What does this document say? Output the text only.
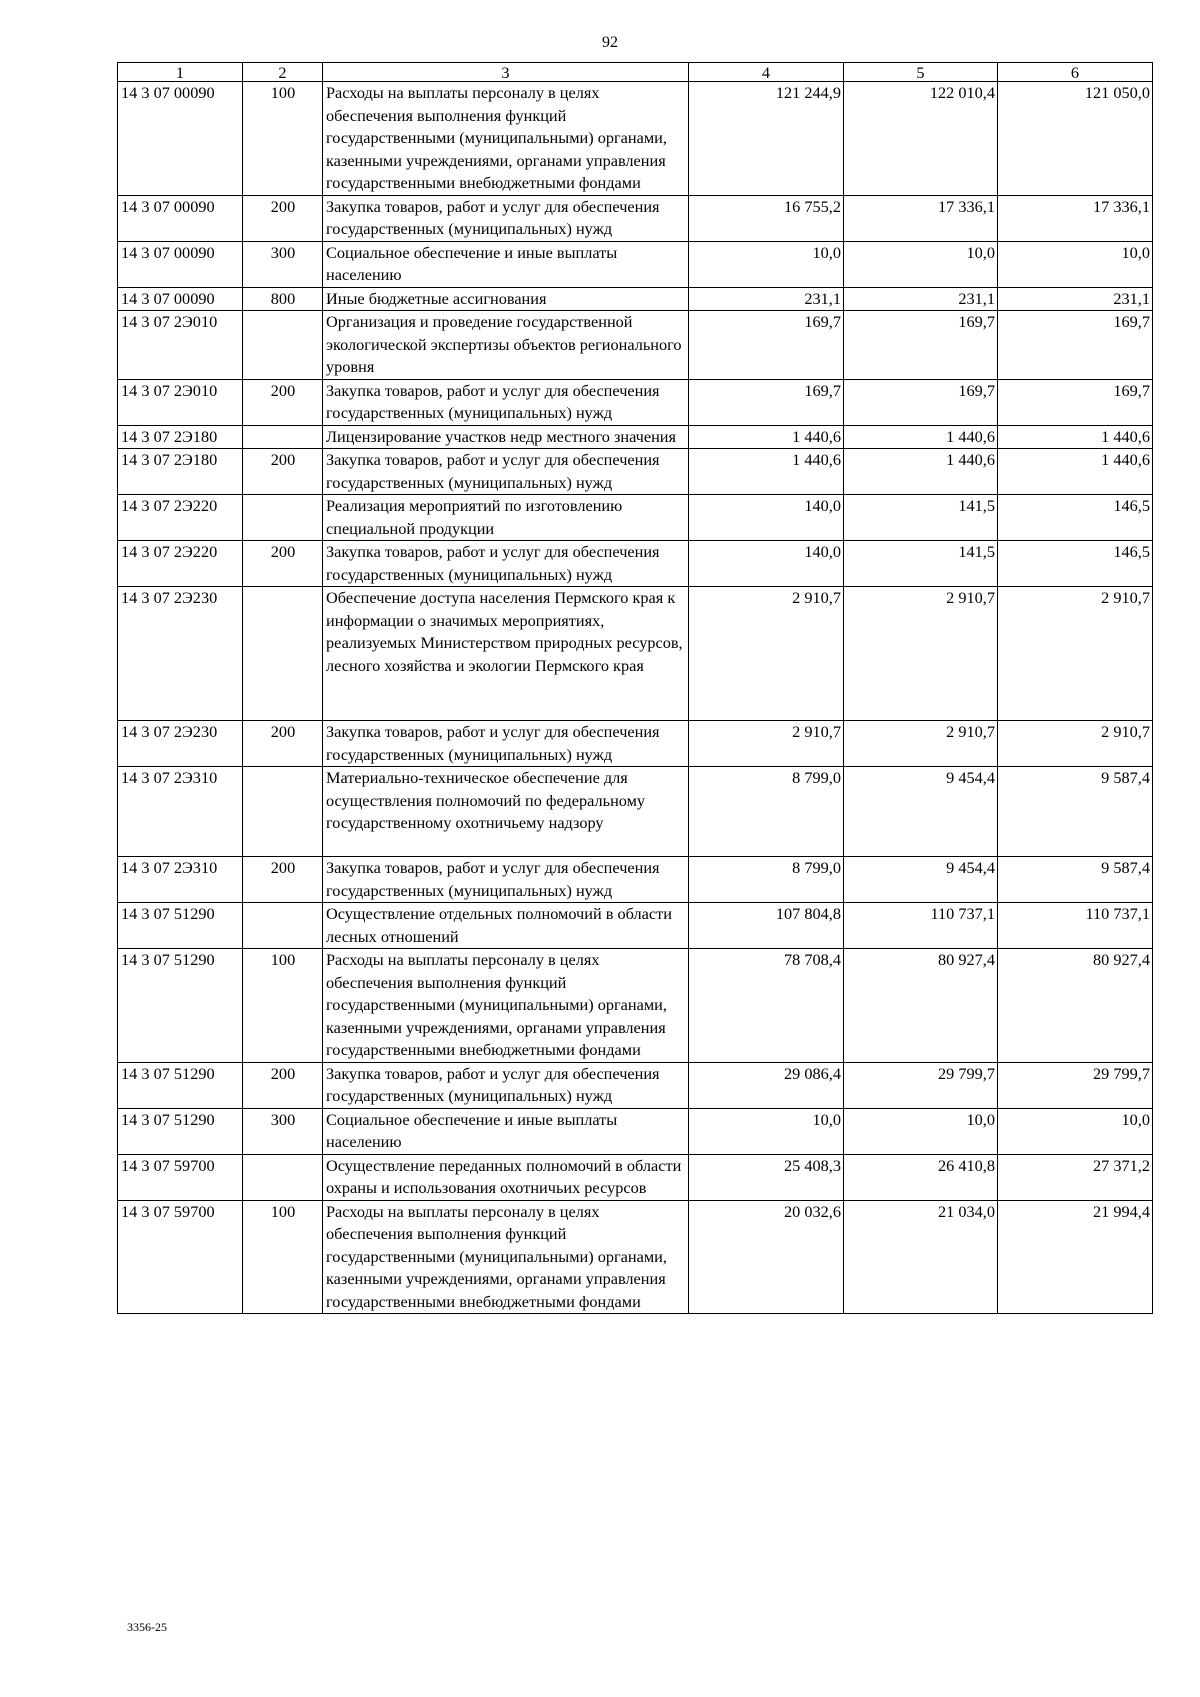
92
1	2	3	4	5	6
14 3 07 00090	100	Расходы на выплаты персоналу в целях обеспечения выполнения функций государственными (муниципальными) органами, казенными учреждениями, органами управления государственными внебюджетными фондами	121 244,9	122 010,4	121 050,0
14 3 07 00090	200	Закупка товаров, работ и услуг для обеспечения государственных (муниципальных) нужд	16 755,2	17 336,1	17 336,1
14 3 07 00090	300	Социальное обеспечение и иные выплаты населению	10,0	10,0	10,0
14 3 07 00090	800	Иные бюджетные ассигнования	231,1	231,1	231,1
14 3 07 2Э010		Организация и проведение государственной экологической экспертизы объектов регионального уровня	169,7	169,7	169,7
14 3 07 2Э010	200	Закупка товаров, работ и услуг для обеспечения государственных (муниципальных) нужд	169,7	169,7	169,7
14 3 07 2Э180		Лицензирование участков недр местного значения	1 440,6	1 440,6	1 440,6
14 3 07 2Э180	200	Закупка товаров, работ и услуг для обеспечения государственных (муниципальных) нужд	1 440,6	1 440,6	1 440,6
14 3 07 2Э220		Реализация мероприятий по изготовлению специальной продукции	140,0	141,5	146,5
14 3 07 2Э220	200	Закупка товаров, работ и услуг для обеспечения государственных (муниципальных) нужд	140,0	141,5	146,5
14 3 07 2Э230		Обеспечение доступа населения Пермского края к информации о значимых мероприятиях, реализуемых Министерством природных ресурсов, лесного хозяйства и экологии Пермского края	2 910,7	2 910,7	2 910,7
14 3 07 2Э230	200	Закупка товаров, работ и услуг для обеспечения государственных (муниципальных) нужд	2 910,7	2 910,7	2 910,7
14 3 07 2Э310		Материально-техническое обеспечение для осуществления полномочий по федеральному государственному охотничьему надзору	8 799,0	9 454,4	9 587,4
14 3 07 2Э310	200	Закупка товаров, работ и услуг для обеспечения государственных (муниципальных) нужд	8 799,0	9 454,4	9 587,4
14 3 07 51290		Осуществление отдельных полномочий в области лесных отношений	107 804,8	110 737,1	110 737,1
14 3 07 51290	100	Расходы на выплаты персоналу в целях обеспечения выполнения функций государственными (муниципальными) органами, казенными учреждениями, органами управления государственными внебюджетными фондами	78 708,4	80 927,4	80 927,4
14 3 07 51290	200	Закупка товаров, работ и услуг для обеспечения государственных (муниципальных) нужд	29 086,4	29 799,7	29 799,7
14 3 07 51290	300	Социальное обеспечение и иные выплаты населению	10,0	10,0	10,0
14 3 07 59700		Осуществление переданных полномочий в области охраны и использования охотничьих ресурсов	25 408,3	26 410,8	27 371,2
14 3 07 59700	100	Расходы на выплаты персоналу в целях обеспечения выполнения функций государственными (муниципальными) органами, казенными учреждениями, органами управления государственными внебюджетными фондами	20 032,6	21 034,0	21 994,4
3356-25
